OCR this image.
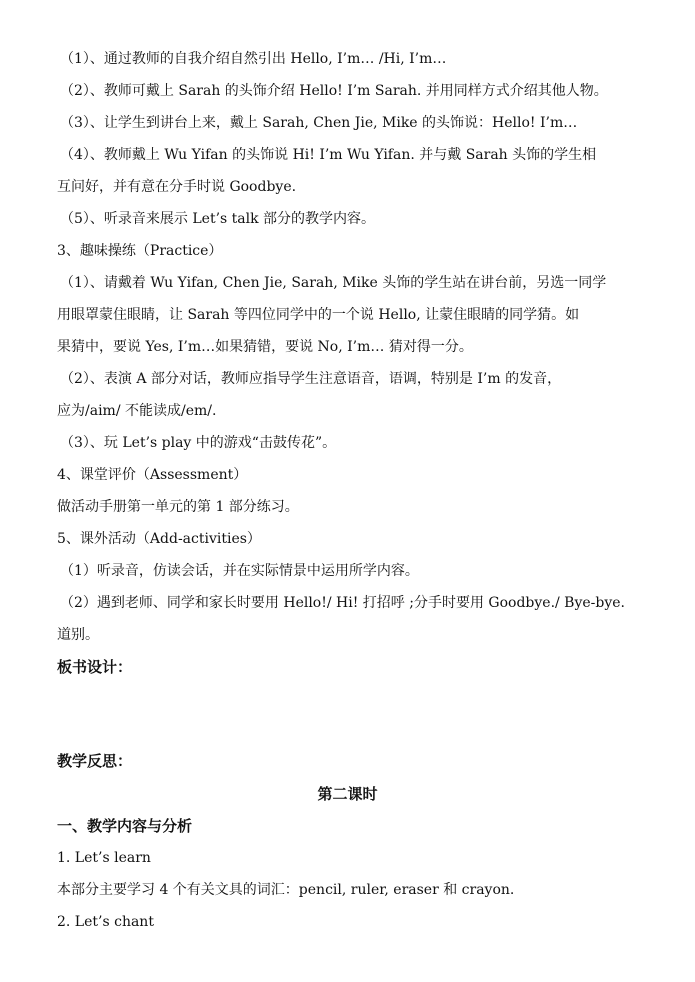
（1）、通过教师的自我介绍自然引出 Hello, I’m… /Hi, I’m…
（2）、教师可戴上 Sarah 的头饰介绍 Hello! I’m Sarah. 并用同样方式介绍其他人物。
（3）、让学生到讲台上来，戴上 Sarah, Chen Jie, Mike 的头饰说：Hello! I’m…
（4）、教师戴上 Wu Yifan 的头饰说 Hi! I’m Wu Yifan. 并与戴 Sarah 头饰的学生相
互问好，并有意在分手时说 Goodbye.
（5）、听录音来展示 Let’s talk 部分的教学内容。
3、趣味操练（Practice）
（1）、请戴着 Wu Yifan, Chen Jie, Sarah, Mike 头饰的学生站在讲台前，另选一同学
用眼罩蒙住眼睛，让 Sarah 等四位同学中的一个说 Hello, 让蒙住眼睛的同学猜。如
果猜中，要说 Yes, I’m…如果猜错，要说 No, I’m… 猜对得一分。
（2）、表演 A 部分对话，教师应指导学生注意语音，语调，特别是 I’m 的发音，
应为/aim/ 不能读成/em/.
（3）、玩 Let’s play 中的游戏“击鼓传花”。
4、课堂评价（Assessment）
做活动手册第一单元的第 1 部分练习。
5、课外活动（Add-activities）
（1）听录音，仿读会话，并在实际情景中运用所学内容。
（2）遇到老师、同学和家长时要用 Hello!/ Hi! 打招呼 ;分手时要用 Goodbye./ Bye-bye.
道别。
板书设计：
教学反思：
第二课时
一、教学内容与分析
1. Let’s learn
本部分主要学习 4 个有关文具的词汇：pencil, ruler, eraser 和 crayon.
2. Let’s chant
